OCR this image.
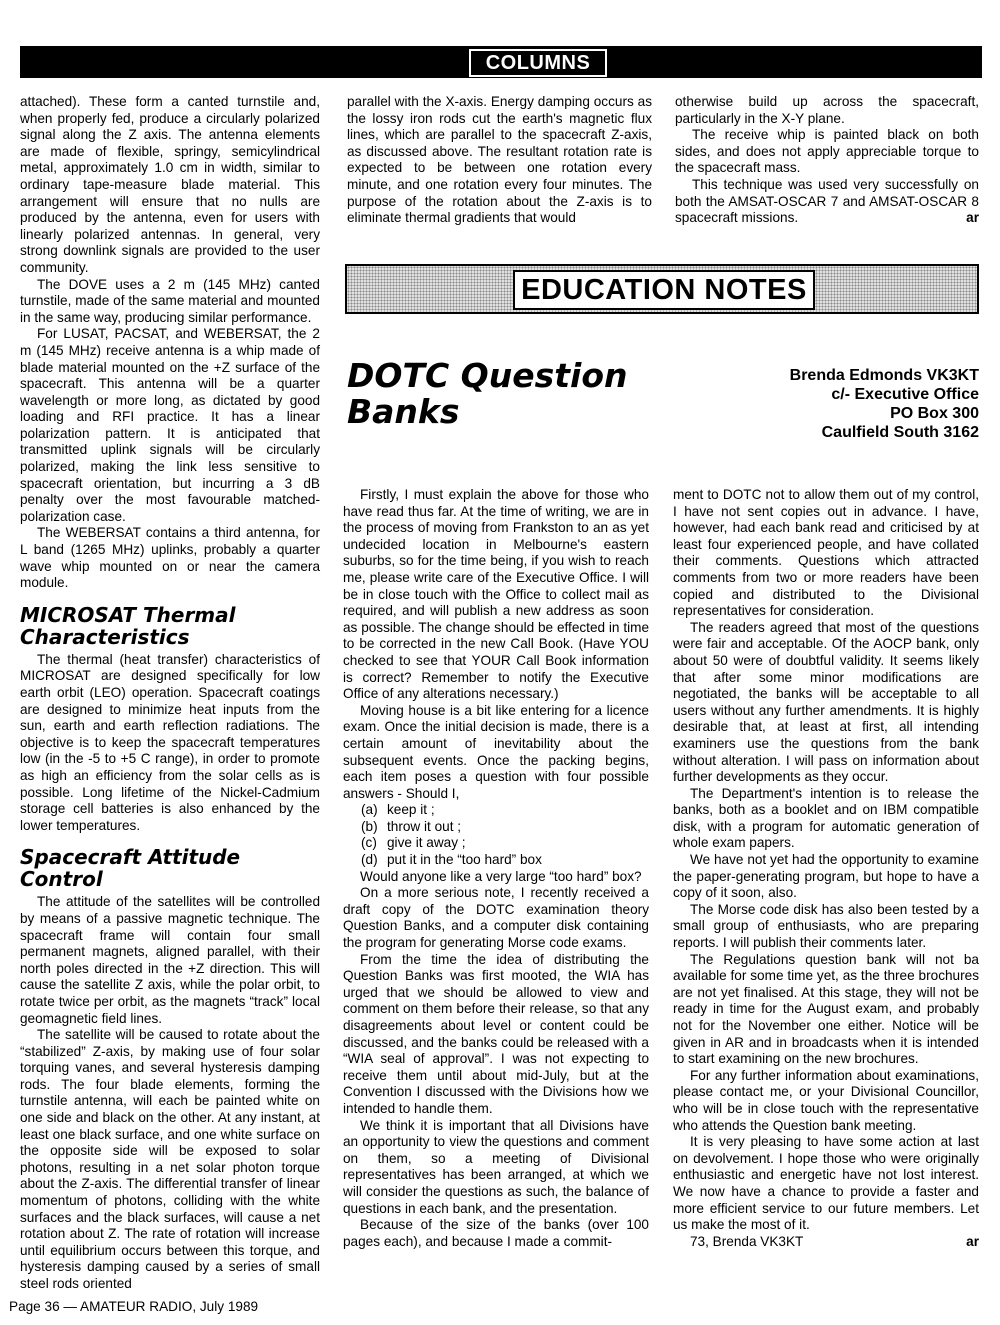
COLUMNS

attached). These form a canted turnstile and, when properly fed, produce a circularly polarized signal along the Z axis. The antenna elements are made of flexible, springy, semicylindrical metal, approximately 1.0 cm in width, similar to ordinary tape-measure blade material. This arrangement will ensure that no nulls are produced by the antenna, even for users with linearly polarized antennas. In general, very strong downlink signals are provided to the user community.

The DOVE uses a 2 m (145 MHz) canted turnstile, made of the same material and mounted in the same way, producing similar performance.

For LUSAT, PACSAT, and WEBERSAT, the 2 m (145 MHz) receive antenna is a whip made of blade material mounted on the +Z surface of the spacecraft. This antenna will be a quarter wavelength or more long, as dictated by good loading and RFI practice. It has a linear polarization pattern. It is anticipated that transmitted uplink signals will be circularly polarized, making the link less sensitive to spacecraft orientation, but incurring a 3 dB penalty over the most favourable matched-polarization case.

The WEBERSAT contains a third antenna, for L band (1265 MHz) uplinks, probably a quarter wave whip mounted on or near the camera module.

MICROSAT Thermal Characteristics

The thermal (heat transfer) characteristics of MICROSAT are designed specifically for low earth orbit (LEO) operation. Spacecraft coatings are designed to minimize heat inputs from the sun, earth and earth reflection radiations. The objective is to keep the spacecraft temperatures low (in the -5 to +5 C range), in order to promote as high an efficiency from the solar cells as is possible. Long lifetime of the Nickel-Cadmium storage cell batteries is also enhanced by the lower temperatures.

Spacecraft Attitude Control

The attitude of the satellites will be controlled by means of a passive magnetic technique. The spacecraft frame will contain four small permanent magnets, aligned parallel, with their north poles directed in the +Z direction. This will cause the satellite Z axis, while the polar orbit, to rotate twice per orbit, as the magnets “track” local geomagnetic field lines.

The satellite will be caused to rotate about the “stabilized” Z-axis, by making use of four solar torquing vanes, and several hysteresis damping rods. The four blade elements, forming the turnstile antenna, will each be painted white on one side and black on the other. At any instant, at least one black surface, and one white surface on the opposite side will be exposed to solar photons, resulting in a net solar photon torque about the Z-axis. The differential transfer of linear momentum of photons, colliding with the white surfaces and the black surfaces, will cause a net rotation about Z. The rate of rotation will increase until equilibrium occurs between this torque, and hysteresis damping caused by a series of small steel rods oriented

parallel with the X-axis. Energy damping occurs as the lossy iron rods cut the earth's magnetic flux lines, which are parallel to the spacecraft Z-axis, as discussed above. The resultant rotation rate is expected to be between one rotation every minute, and one rotation every four minutes. The purpose of the rotation about the Z-axis is to eliminate thermal gradients that would

otherwise build up across the spacecraft, particularly in the X-Y plane.

The receive whip is painted black on both sides, and does not apply appreciable torque to the spacecraft mass.

This technique was used very successfully on both the AMSAT-OSCAR 7 and AMSAT-OSCAR 8 spacecraft missions.	ar
EDUCATION NOTES
DOTC Question Banks
Brenda Edmonds VK3KT
c/- Executive Office
PO Box 300
Caulfield South 3162

Firstly, I must explain the above for those who have read thus far. At the time of writing, we are in the process of moving from Frankston to an as yet undecided location in Melbourne's eastern suburbs, so for the time being, if you wish to reach me, please write care of the Executive Office. I will be in close touch with the Office to collect mail as required, and will publish a new address as soon as possible. The change should be effected in time to be corrected in the new Call Book. (Have YOU checked to see that YOUR Call Book information is correct? Remember to notify the Executive Office of any alterations necessary.)

Moving house is a bit like entering for a licence exam. Once the initial decision is made, there is a certain amount of inevitability about the subsequent events. Once the packing begins, each item poses a question with four possible answers - Should I,

(a) keep it ;
(b) throw it out ;
(c) give it away ;
(d) put it in the “too hard” box

Would anyone like a very large “too hard” box?

On a more serious note, I recently received a draft copy of the DOTC examination theory Question Banks, and a computer disk containing the program for generating Morse code exams.

From the time the idea of distributing the Question Banks was first mooted, the WIA has urged that we should be allowed to view and comment on them before their release, so that any disagreements about level or content could be discussed, and the banks could be released with a “WIA seal of approval”. I was not expecting to receive them until about mid-July, but at the Convention I discussed with the Divisions how we intended to handle them.

We think it is important that all Divisions have an opportunity to view the questions and comment on them, so a meeting of Divisional representatives has been arranged, at which we will consider the questions as such, the balance of questions in each bank, and the presentation.

Because of the size of the banks (over 100 pages each), and because I made a commit-

ment to DOTC not to allow them out of my control, I have not sent copies out in advance. I have, however, had each bank read and criticised by at least four experienced people, and have collated their comments. Questions which attracted comments from two or more readers have been copied and distributed to the Divisional representatives for consideration.

The readers agreed that most of the questions were fair and acceptable. Of the AOCP bank, only about 50 were of doubtful validity. It seems likely that after some minor modifications are negotiated, the banks will be acceptable to all users without any further amendments. It is highly desirable that, at least at first, all intending examiners use the questions from the bank without alteration. I will pass on information about further developments as they occur.

The Department's intention is to release the banks, both as a booklet and on IBM compatible disk, with a program for automatic generation of whole exam papers.

We have not yet had the opportunity to examine the paper-generating program, but hope to have a copy of it soon, also.

The Morse code disk has also been tested by a small group of enthusiasts, who are preparing reports. I will publish their comments later.

The Regulations question bank will not ba available for some time yet, as the three brochures are not yet finalised. At this stage, they will not be ready in time for the August exam, and probably not for the November one either. Notice will be given in AR and in broadcasts when it is intended to start examining on the new brochures.

For any further information about examinations, please contact me, or your Divisional Councillor, who will be in close touch with the representative who attends the Question bank meeting.

It is very pleasing to have some action at last on devolvement. I hope those who were originally enthusiastic and energetic have not lost interest. We now have a chance to provide a faster and more efficient service to our future members. Let us make the most of it.

73, Brenda VK3KT	ar
Page 36 — AMATEUR RADIO, July 1989
